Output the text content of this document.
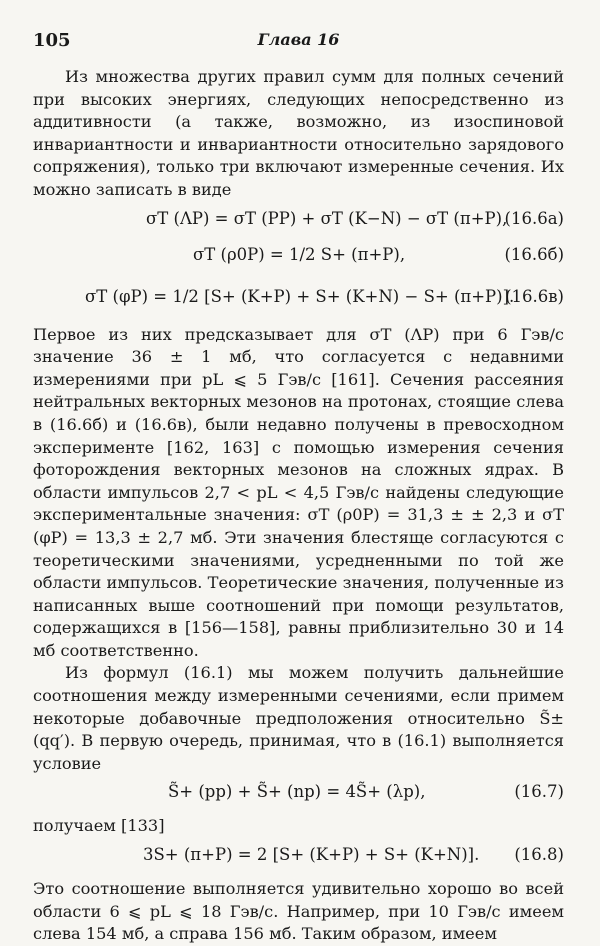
105	Глава 16

Из множества других правил сумм для полных сечений при высоких энергиях, следующих непосредственно из аддитивности (а также, возможно, из изоспиновой инвариантности и инвариантности относительно зарядового сопряжения), только три включают измеренные сечения. Их можно записать в виде

σT (ΛP) = σT (PP) + σT (K−N) − σT (π+P),
(16.6а)
σT (ρ0P) = 1/2 S+ (π+P),	(16.6б)
σT (φP) = 1/2 [S+ (K+P) + S+ (K+N) − S+ (π+P)].
(16.6в)

Первое из них предсказывает для σT (ΛP) при 6 Гэв/c значение 36 ± 1 мб, что согласуется с недавними измерениями при pL ⩽ 5 Гэв/c [161]. Сечения рассеяния нейтральных векторных мезонов на протонах, стоящие слева в (16.6б) и (16.6в), были недавно получены в превосходном эксперименте [162, 163] с помощью измерения сечения фоторождения векторных мезонов на сложных ядрах. В области импульсов 2,7 < pL < 4,5 Гэв/c найдены следующие экспериментальные значения: σT (ρ0P) = 31,3 ± ± 2,3 и σT (φP) = 13,3 ± 2,7 мб. Эти значения блестяще согласуются с теоретическими значениями, усредненными по той же области импульсов. Теоретические значения, полученные из написанных выше соотношений при помощи результатов, содержащихся в [156—158], равны приблизительно 30 и 14 мб соответственно.

Из формул (16.1) мы можем получить дальнейшие соотношения между измеренными сечениями, если примем некоторые добавочные предположения относительно S̃± (qq′). В первую очередь, принимая, что в (16.1) выполняется условие

S̃+ (pp) + S̃+ (np) = 4S̃+ (λp),	(16.7)

получаем [133]

3S+ (π+P) = 2 [S+ (K+P) + S+ (K+N)]. (16.8)

Это соотношение выполняется удивительно хорошо во всей области 6 ⩽ pL ⩽ 18 Гэв/c. Например, при 10 Гэв/c имеем слева 154 мб, а справа 156 мб. Таким образом, имеем
